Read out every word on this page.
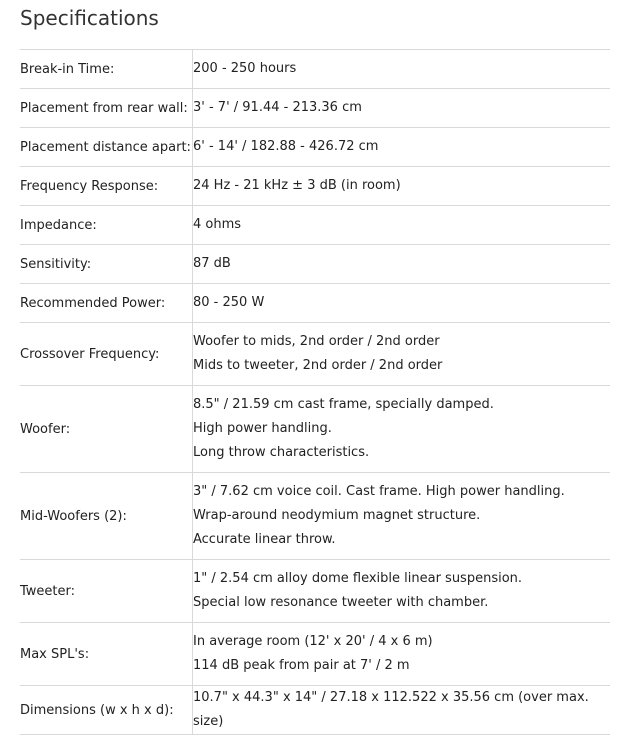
Specifications
Break-in Time:	200 - 250 hours

Placement from rear wall:	3' - 7' / 91.44 - 213.36 cm

Placement distance apart:	6' - 14' / 182.88 - 426.72 cm

Frequency Response:	24 Hz - 21 kHz ± 3 dB (in room)

Impedance:	4 ohms

Sensitivity:	87 dB

Recommended Power:	80 - 250 W

Crossover Frequency:	Woofer to mids, 2nd order / 2nd order
Mids to tweeter, 2nd order / 2nd order

Woofer:	8.5" / 21.59 cm cast frame, specially damped.
High power handling.
Long throw characteristics.

Mid-Woofers (2):	3" / 7.62 cm voice coil. Cast frame. High power handling.
Wrap-around neodymium magnet structure.
Accurate linear throw.

Tweeter:	1" / 2.54 cm alloy dome flexible linear suspension.
Special low resonance tweeter with chamber.

Max SPL's:	In average room (12' x 20' / 4 x 6 m)
114 dB peak from pair at 7' / 2 m

Dimensions (w x h x d):	10.7" x 44.3" x 14" / 27.18 x 112.522 x 35.56 cm (over max. size)
